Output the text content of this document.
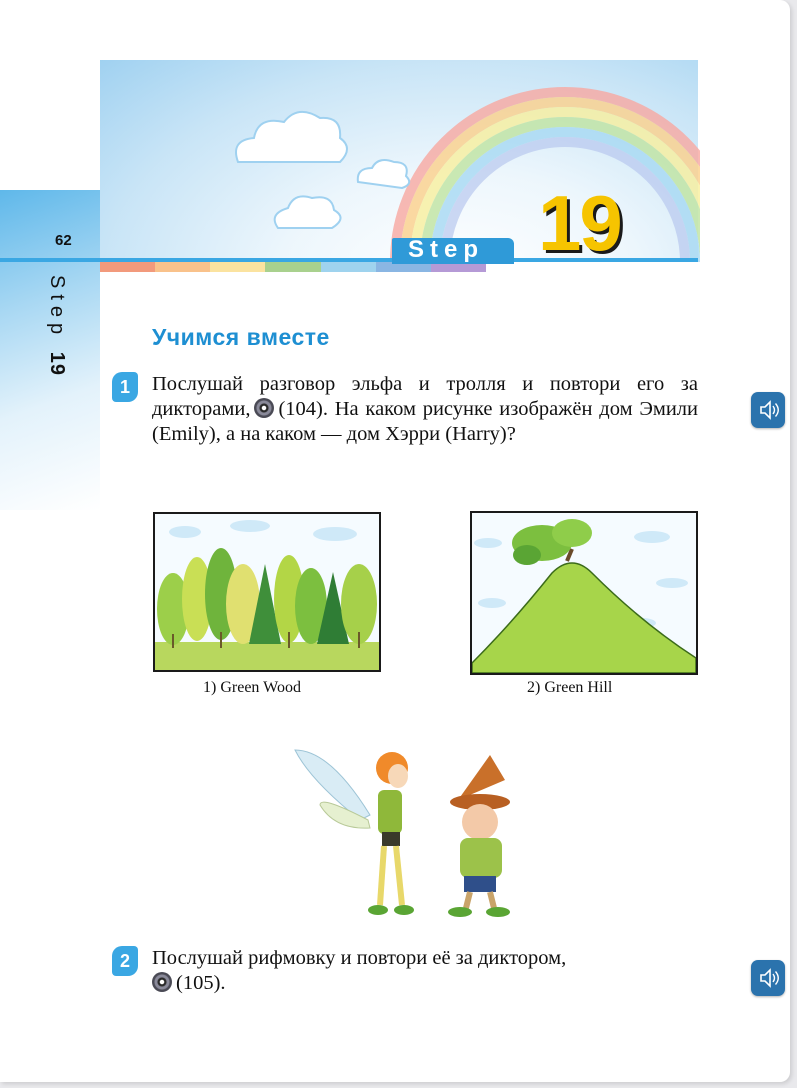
62
Step 19
Step 19
Учимся вместе
1	Послушай разговор эльфа и тролля и повтори его за дикторами, (104). На каком рисунке изображён дом Эмили (Emily), а на каком — дом Хэрри (Harry)?
1) Green Wood	2) Green Hill
2	Послушай рифмовку и повтори её за диктором,
(105).
